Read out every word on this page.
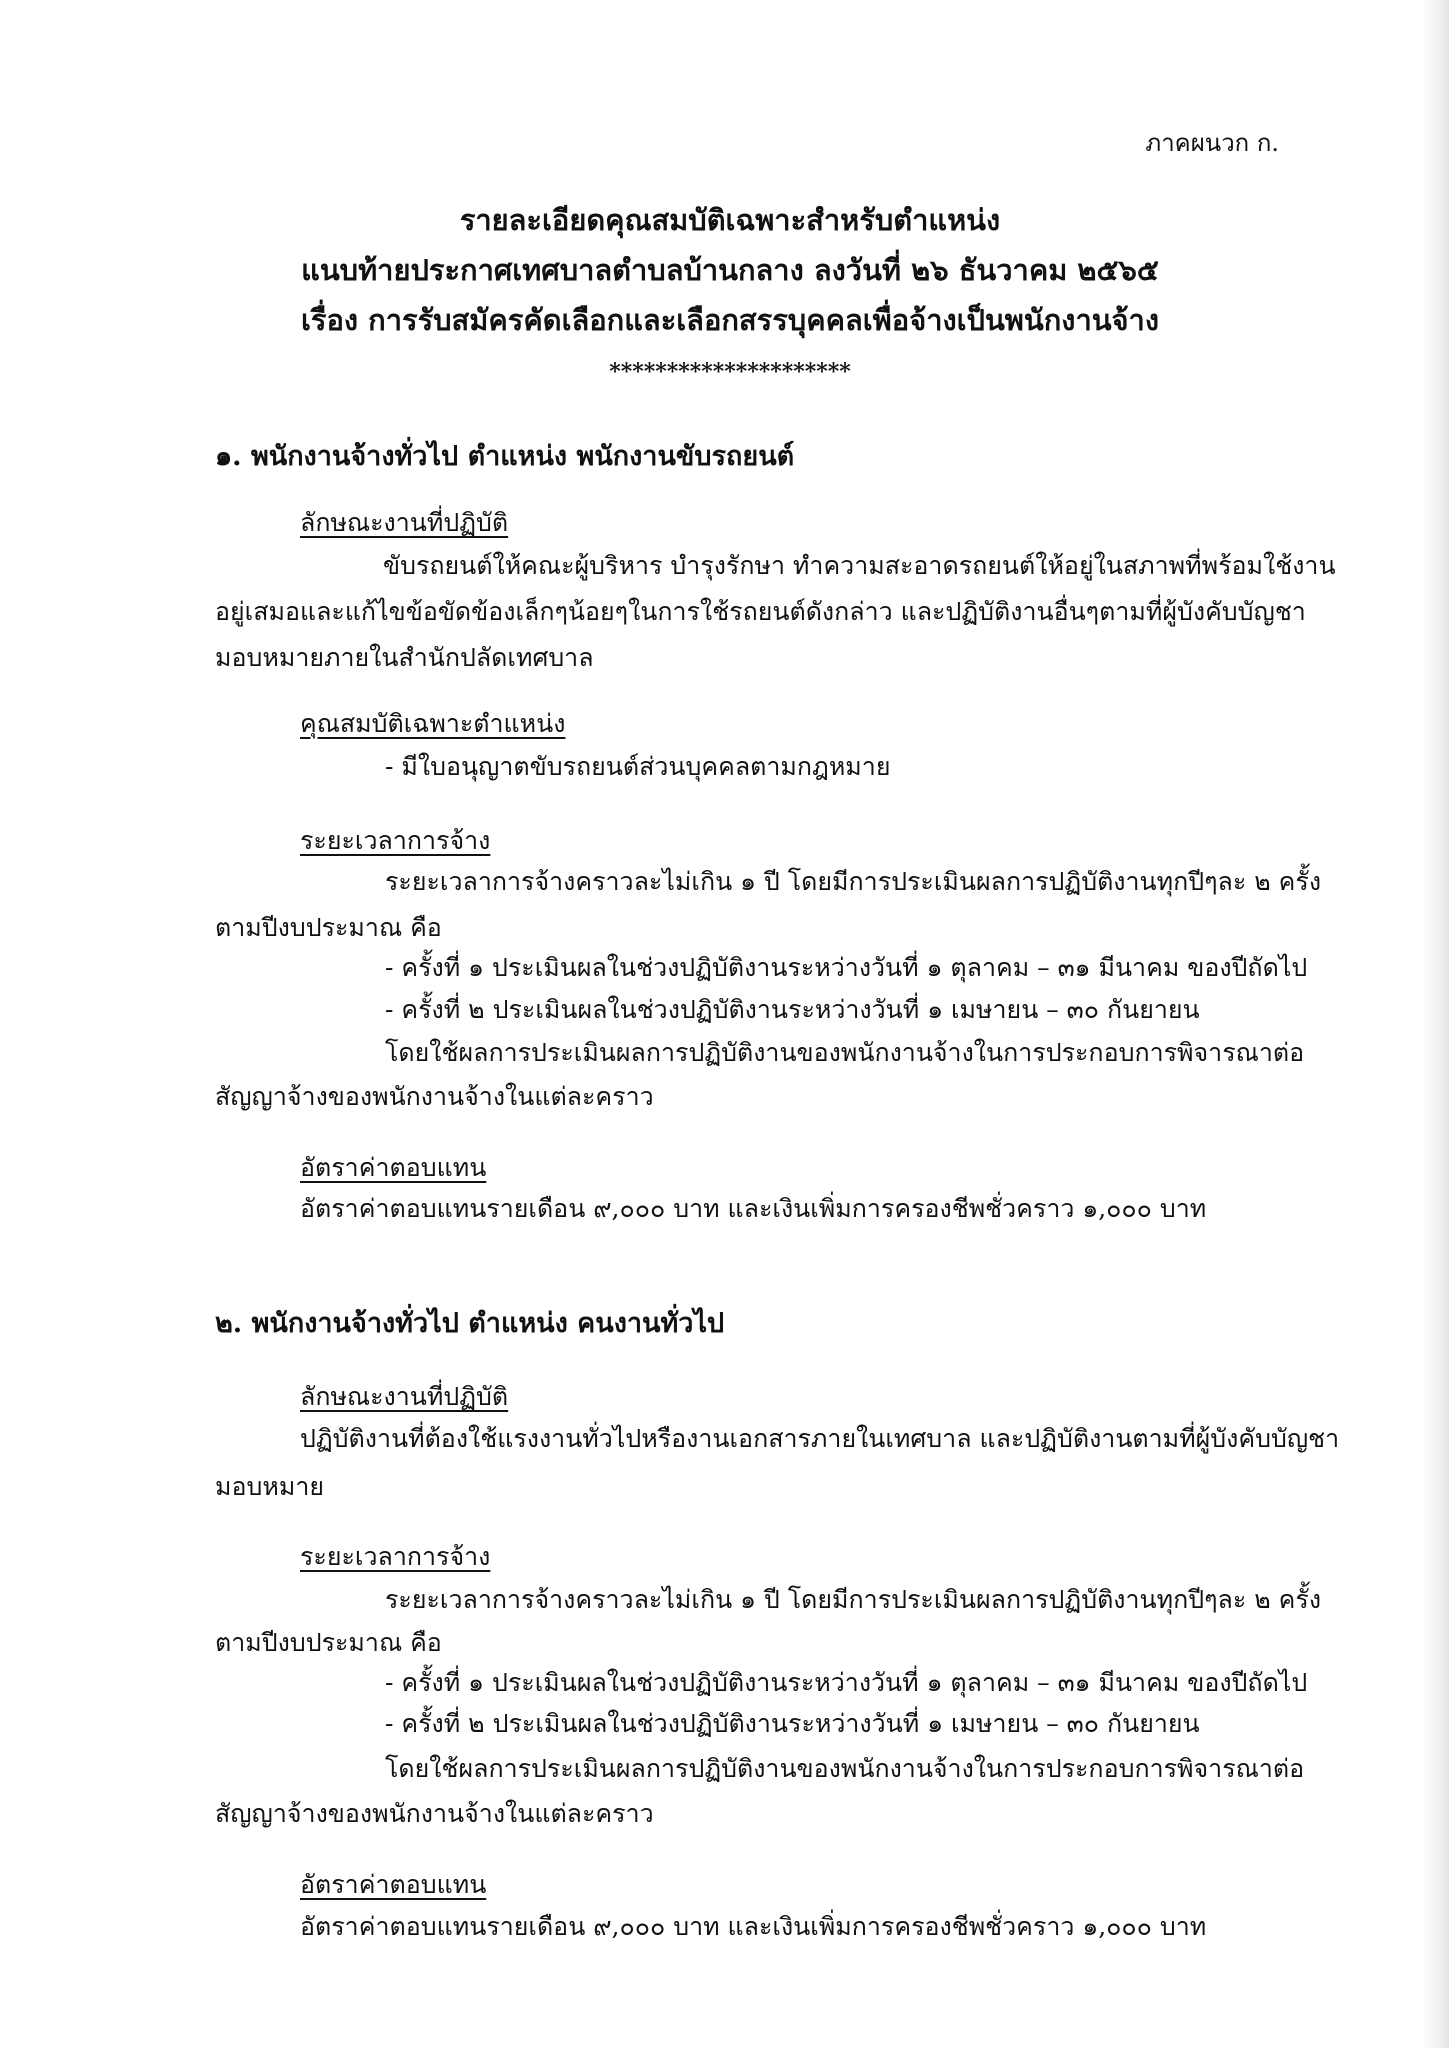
ภาคผนวก ก.
รายละเอียดคุณสมบัติเฉพาะสำหรับตำแหน่ง
แนบท้ายประกาศเทศบาลตำบลบ้านกลาง ลงวันที่ ๒๖ ธันวาคม ๒๕๖๕
เรื่อง การรับสมัครคัดเลือกและเลือกสรรบุคคลเพื่อจ้างเป็นพนักงานจ้าง
*********************
๑. พนักงานจ้างทั่วไป ตำแหน่ง พนักงานขับรถยนต์
ลักษณะงานที่ปฏิบัติ
ขับรถยนต์ให้คณะผู้บริหาร บำรุงรักษา ทำความสะอาดรถยนต์ให้อยู่ในสภาพที่พร้อมใช้งาน
อยู่เสมอและแก้ไขข้อขัดข้องเล็กๆน้อยๆในการใช้รถยนต์ดังกล่าว และปฏิบัติงานอื่นๆตามที่ผู้บังคับบัญชา
มอบหมายภายในสำนักปลัดเทศบาล
คุณสมบัติเฉพาะตำแหน่ง
- มีใบอนุญาตขับรถยนต์ส่วนบุคคลตามกฎหมาย
ระยะเวลาการจ้าง
ระยะเวลาการจ้างคราวละไม่เกิน ๑ ปี โดยมีการประเมินผลการปฏิบัติงานทุกปีๆละ ๒ ครั้ง
ตามปีงบประมาณ คือ
- ครั้งที่ ๑ ประเมินผลในช่วงปฏิบัติงานระหว่างวันที่ ๑ ตุลาคม – ๓๑ มีนาคม ของปีถัดไป
- ครั้งที่ ๒ ประเมินผลในช่วงปฏิบัติงานระหว่างวันที่ ๑ เมษายน – ๓๐ กันยายน
โดยใช้ผลการประเมินผลการปฏิบัติงานของพนักงานจ้างในการประกอบการพิจารณาต่อ
สัญญาจ้างของพนักงานจ้างในแต่ละคราว
อัตราค่าตอบแทน
อัตราค่าตอบแทนรายเดือน ๙,๐๐๐ บาท และเงินเพิ่มการครองชีพชั่วคราว ๑,๐๐๐ บาท
๒. พนักงานจ้างทั่วไป ตำแหน่ง คนงานทั่วไป
ลักษณะงานที่ปฏิบัติ
ปฏิบัติงานที่ต้องใช้แรงงานทั่วไปหรืองานเอกสารภายในเทศบาล และปฏิบัติงานตามที่ผู้บังคับบัญชา
มอบหมาย
ระยะเวลาการจ้าง
ระยะเวลาการจ้างคราวละไม่เกิน ๑ ปี โดยมีการประเมินผลการปฏิบัติงานทุกปีๆละ ๒ ครั้ง
ตามปีงบประมาณ คือ
- ครั้งที่ ๑ ประเมินผลในช่วงปฏิบัติงานระหว่างวันที่ ๑ ตุลาคม – ๓๑ มีนาคม ของปีถัดไป
- ครั้งที่ ๒ ประเมินผลในช่วงปฏิบัติงานระหว่างวันที่ ๑ เมษายน – ๓๐ กันยายน
โดยใช้ผลการประเมินผลการปฏิบัติงานของพนักงานจ้างในการประกอบการพิจารณาต่อ
สัญญาจ้างของพนักงานจ้างในแต่ละคราว
อัตราค่าตอบแทน
อัตราค่าตอบแทนรายเดือน ๙,๐๐๐ บาท และเงินเพิ่มการครองชีพชั่วคราว ๑,๐๐๐ บาท
